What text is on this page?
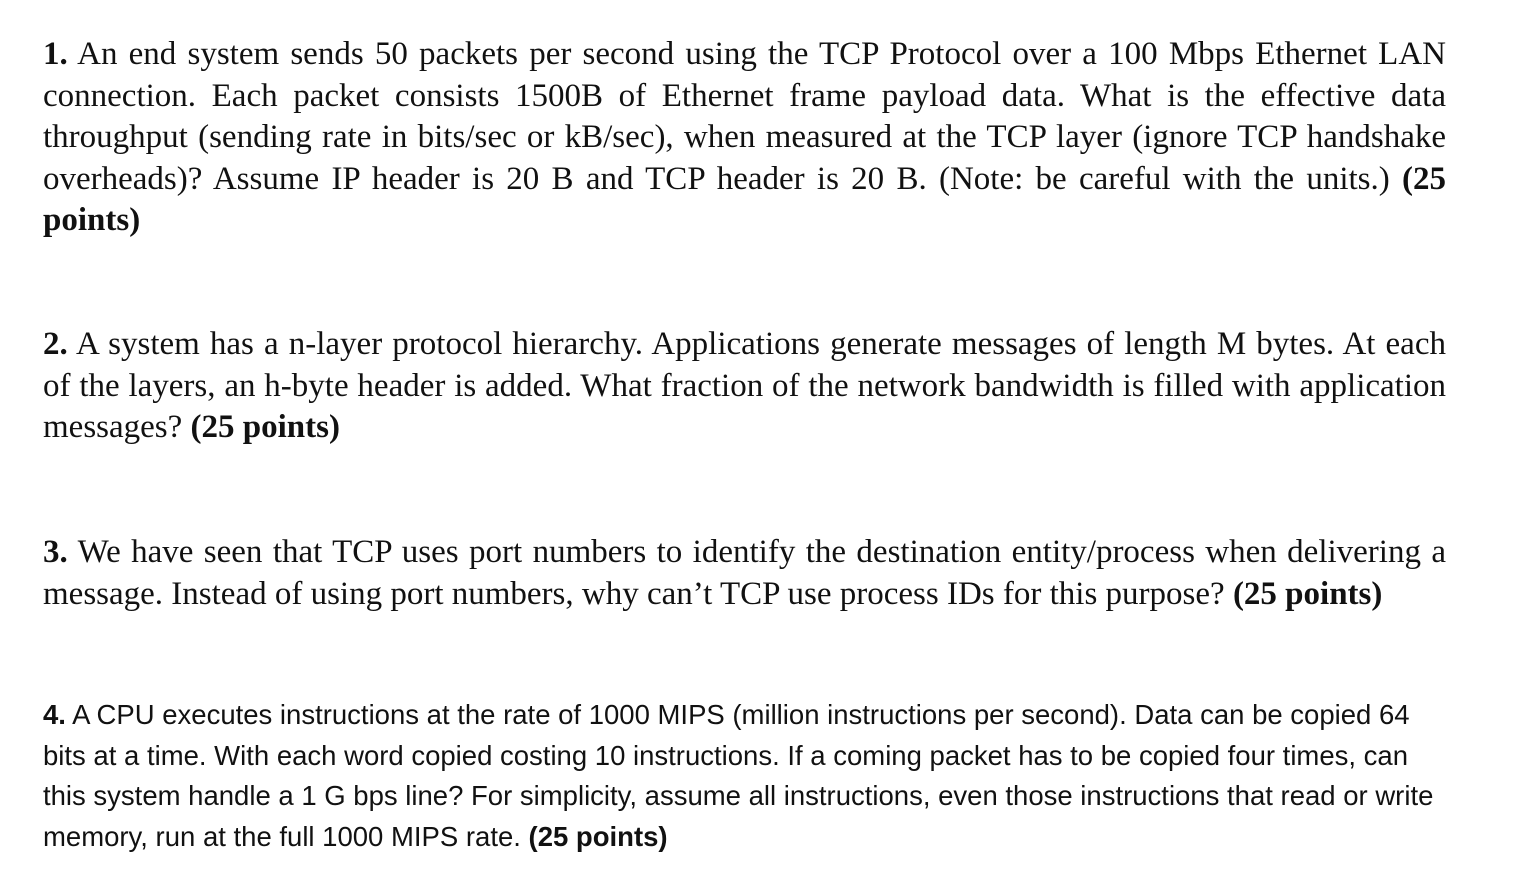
1. An end system sends 50 packets per second using the TCP Protocol over a 100 Mbps Ethernet LAN connection. Each packet consists 1500B of Ethernet frame payload data. What is the effective data throughput (sending rate in bits/sec or kB/sec), when measured at the TCP layer (ignore TCP handshake overheads)? Assume IP header is 20 B and TCP header is 20 B. (Note: be careful with the units.) (25 points)

2. A system has a n-layer protocol hierarchy. Applications generate messages of length M bytes. At each of the layers, an h-byte header is added. What fraction of the network bandwidth is filled with application messages? (25 points)

3. We have seen that TCP uses port numbers to identify the destination entity/process when delivering a message. Instead of using port numbers, why can’t TCP use process IDs for this purpose? (25 points)

4. A CPU executes instructions at the rate of 1000 MIPS (million instructions per second). Data can be copied 64 bits at a time. With each word copied costing 10 instructions. If a coming packet has to be copied four times, can this system handle a 1 G bps line? For simplicity, assume all instructions, even those instructions that read or write memory, run at the full 1000 MIPS rate. (25 points)
